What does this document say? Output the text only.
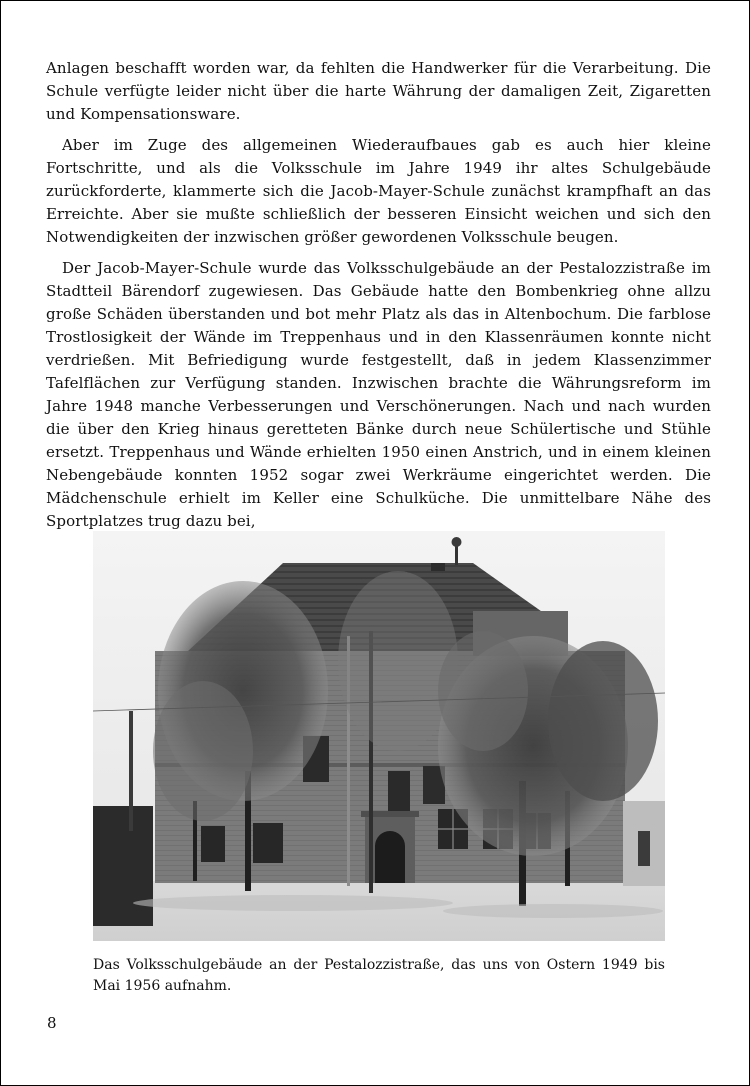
Anlagen beschafft worden war, da fehlten die Handwerker für die Verarbeitung. Die Schule verfügte leider nicht über die harte Währung der damaligen Zeit, Zigaretten und Kompensationsware.

Aber im Zuge des allgemeinen Wiederaufbaues gab es auch hier kleine Fortschritte, und als die Volksschule im Jahre 1949 ihr altes Schulgebäude zurückforderte, klammerte sich die Jacob-Mayer-Schule zunächst krampfhaft an das Erreichte. Aber sie mußte schließlich der besseren Einsicht weichen und sich den Notwendigkeiten der inzwischen größer gewordenen Volksschule beugen.

Der Jacob-Mayer-Schule wurde das Volksschulgebäude an der Pestalozzistraße im Stadtteil Bärendorf zugewiesen. Das Gebäude hatte den Bombenkrieg ohne allzu große Schäden überstanden und bot mehr Platz als das in Altenbochum. Die farblose Trostlosigkeit der Wände im Treppenhaus und in den Klassenräumen konnte nicht verdrießen. Mit Befriedigung wurde festgestellt, daß in jedem Klassenzimmer Tafelflächen zur Verfügung standen. Inzwischen brachte die Währungsreform im Jahre 1948 manche Verbesserungen und Verschönerungen. Nach und nach wurden die über den Krieg hinaus geretteten Bänke durch neue Schülertische und Stühle ersetzt. Treppenhaus und Wände erhielten 1950 einen Anstrich, und in einem kleinen Nebengebäude konnten 1952 sogar zwei Werkräume eingerichtet werden. Die Mädchenschule erhielt im Keller eine Schulküche. Die unmittelbare Nähe des Sportplatzes trug dazu bei,

Das Volksschulgebäude an der Pestalozzistraße, das uns von Ostern 1949 bis Mai 1956 aufnahm.
8
